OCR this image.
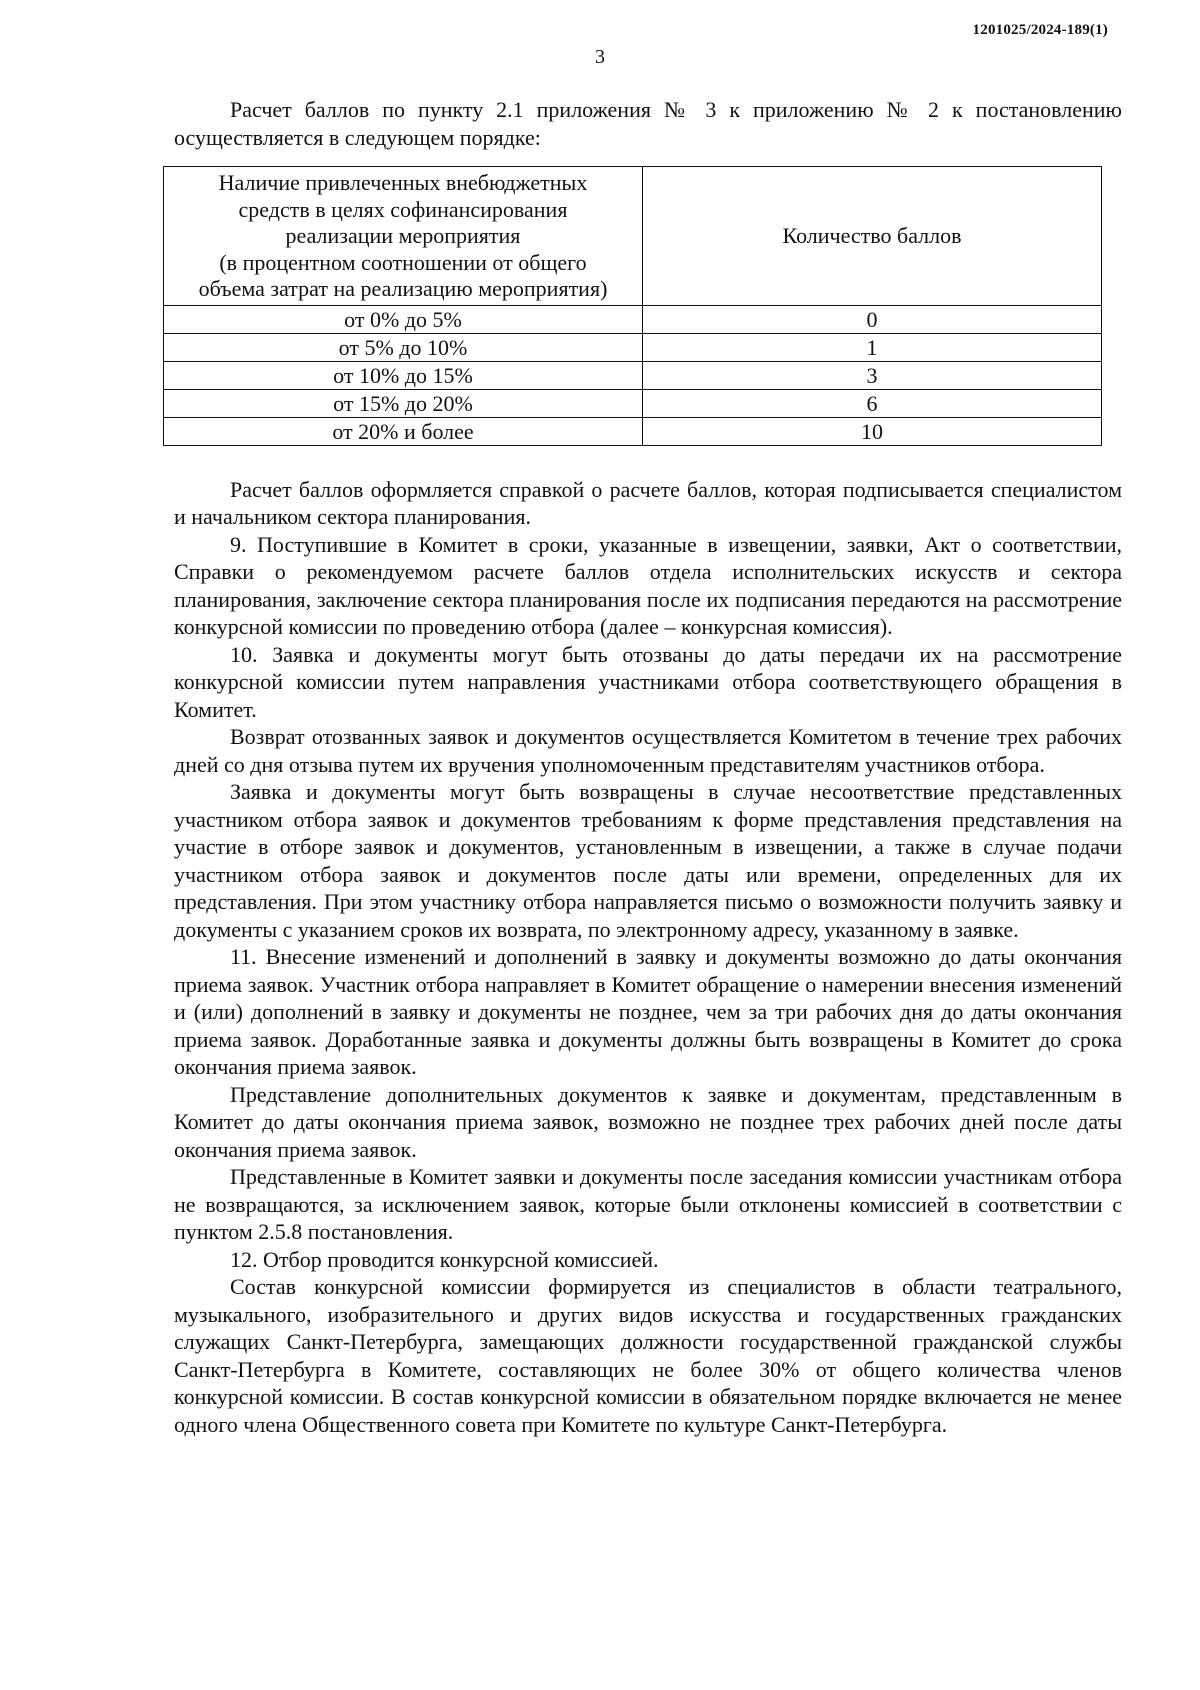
1201025/2024-189(1)
3

Расчет баллов по пункту 2.1 приложения № 3 к приложению № 2 к постановлению осуществляется в следующем порядке:

Наличие привлеченных внебюджетных
средств в целях софинансирования
реализации мероприятия
(в процентном соотношении от общего
объема затрат на реализацию мероприятия)	Количество баллов
от 0% до 5%	0
от 5% до 10%	1
от 10% до 15%	3
от 15% до 20%	6
от 20% и более	10

Расчет баллов оформляется справкой о расчете баллов, которая подписывается специалистом и начальником сектора планирования.

9. Поступившие в Комитет в сроки, указанные в извещении, заявки, Акт о соответствии, Справки о рекомендуемом расчете баллов отдела исполнительских искусств и сектора планирования, заключение сектора планирования после их подписания передаются на рассмотрение конкурсной комиссии по проведению отбора (далее – конкурсная комиссия).

10. Заявка и документы могут быть отозваны до даты передачи их на рассмотрение конкурсной комиссии путем направления участниками отбора соответствующего обращения в Комитет.

Возврат отозванных заявок и документов осуществляется Комитетом в течение трех рабочих дней со дня отзыва путем их вручения уполномоченным представителям участников отбора.

Заявка и документы могут быть возвращены в случае несоответствие представленных участником отбора заявок и документов требованиям к форме представления представления на участие в отборе заявок и документов, установленным в извещении, а также в случае подачи участником отбора заявок и документов после даты или времени, определенных для их представления. При этом участнику отбора направляется письмо о возможности получить заявку и документы с указанием сроков их возврата, по электронному адресу, указанному в заявке.

11. Внесение изменений и дополнений в заявку и документы возможно до даты окончания приема заявок. Участник отбора направляет в Комитет обращение о намерении внесения изменений и (или) дополнений в заявку и документы не позднее, чем за три рабочих дня до даты окончания приема заявок. Доработанные заявка и документы должны быть возвращены в Комитет до срока окончания приема заявок.

Представление дополнительных документов к заявке и документам, представленным в Комитет до даты окончания приема заявок, возможно не позднее трех рабочих дней после даты окончания приема заявок.

Представленные в Комитет заявки и документы после заседания комиссии участникам отбора не возвращаются, за исключением заявок, которые были отклонены комиссией в соответствии с пунктом 2.5.8 постановления.

12. Отбор проводится конкурсной комиссией.

Состав конкурсной комиссии формируется из специалистов в области театрального, музыкального, изобразительного и других видов искусства и государственных гражданских служащих Санкт-Петербурга, замещающих должности государственной гражданской службы Санкт-Петербурга в Комитете, составляющих не более 30% от общего количества членов конкурсной комиссии. В состав конкурсной комиссии в обязательном порядке включается не менее одного члена Общественного совета при Комитете по культуре Санкт-Петербурга.
